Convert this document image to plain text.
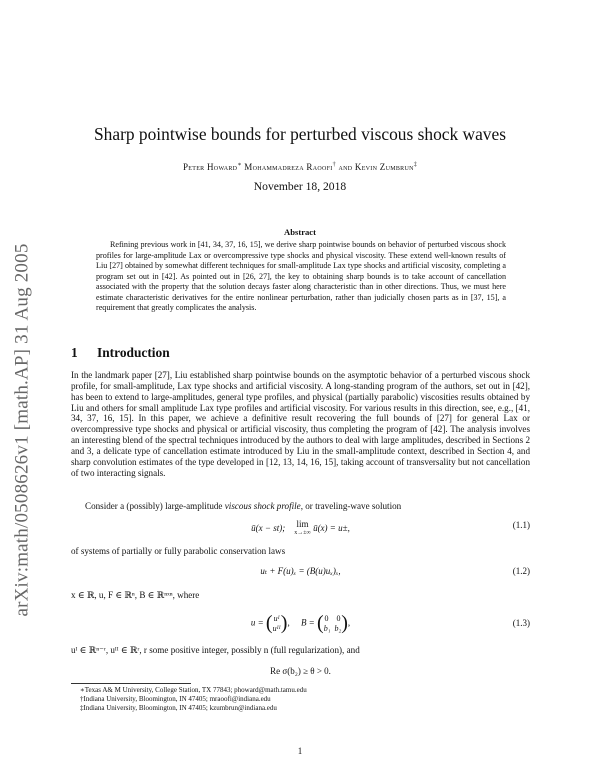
arXiv:math/0508626v1 [math.AP] 31 Aug 2005
Sharp pointwise bounds for perturbed viscous shock waves
Peter Howard∗ Mohammadreza Raoofi† and Kevin Zumbrun‡
November 18, 2018
Abstract
Refining previous work in [41, 34, 37, 16, 15], we derive sharp pointwise bounds on behavior of perturbed viscous shock profiles for large-amplitude Lax or overcompressive type shocks and physical viscosity. These extend well-known results of Liu [27] obtained by somewhat different techniques for small-amplitude Lax type shocks and artificial viscosity, completing a program set out in [42]. As pointed out in [26, 27], the key to obtaining sharp bounds is to take account of cancellation associated with the property that the solution decays faster along characteristic than in other directions. Thus, we must here estimate characteristic derivatives for the entire nonlinear perturbation, rather than judicially chosen parts as in [37, 15], a requirement that greatly complicates the analysis.
1 Introduction
In the landmark paper [27], Liu established sharp pointwise bounds on the asymptotic behavior of a perturbed viscous shock profile, for small-amplitude, Lax type shocks and artificial viscosity. A long-standing program of the authors, set out in [42], has been to extend to large-amplitudes, general type profiles, and physical (partially parabolic) viscosities results obtained by Liu and others for small amplitude Lax type profiles and artificial viscosity. For various results in this direction, see, e.g., [41, 34, 37, 16, 15]. In this paper, we achieve a definitive result recovering the full bounds of [27] for general Lax or overcompressive type shocks and physical or artificial viscosity, thus completing the program of [42]. The analysis involves an interesting blend of the spectral techniques introduced by the authors to deal with large amplitudes, described in Sections 2 and 3, a delicate type of cancellation estimate introduced by Liu in the small-amplitude context, described in Section 4, and sharp convolution estimates of the type developed in [12, 13, 14, 16, 15], taking account of transversality but not cancellation of two interacting signals.
Consider a (possibly) large-amplitude viscous shock profile, or traveling-wave solution
ū(x − st); lim
x→±∞ ū(x) = u±,	(1.1)
of systems of partially or fully parabolic conservation laws
uₜ + F(u)ₓ = (B(u)uₓ)ₓ,	(1.2)
x ∈ ℝ, u, F ∈ ℝⁿ, B ∈ ℝⁿˣⁿ, where
u = (uᴵ
uᴵᴵ),     B = (0    0
b₁  b₂),	(1.3)
uᴵ ∈ ℝⁿ⁻ʳ, uᴵᴵ ∈ ℝʳ, r some positive integer, possibly n (full regularization), and
Re σ(b₂) ≥ θ > 0.
∗Texas A& M University, College Station, TX 77843; phoward@math.tamu.edu
†Indiana University, Bloomington, IN 47405; mraoofi@indiana.edu
‡Indiana University, Bloomington, IN 47405; kzumbrun@indiana.edu
1
